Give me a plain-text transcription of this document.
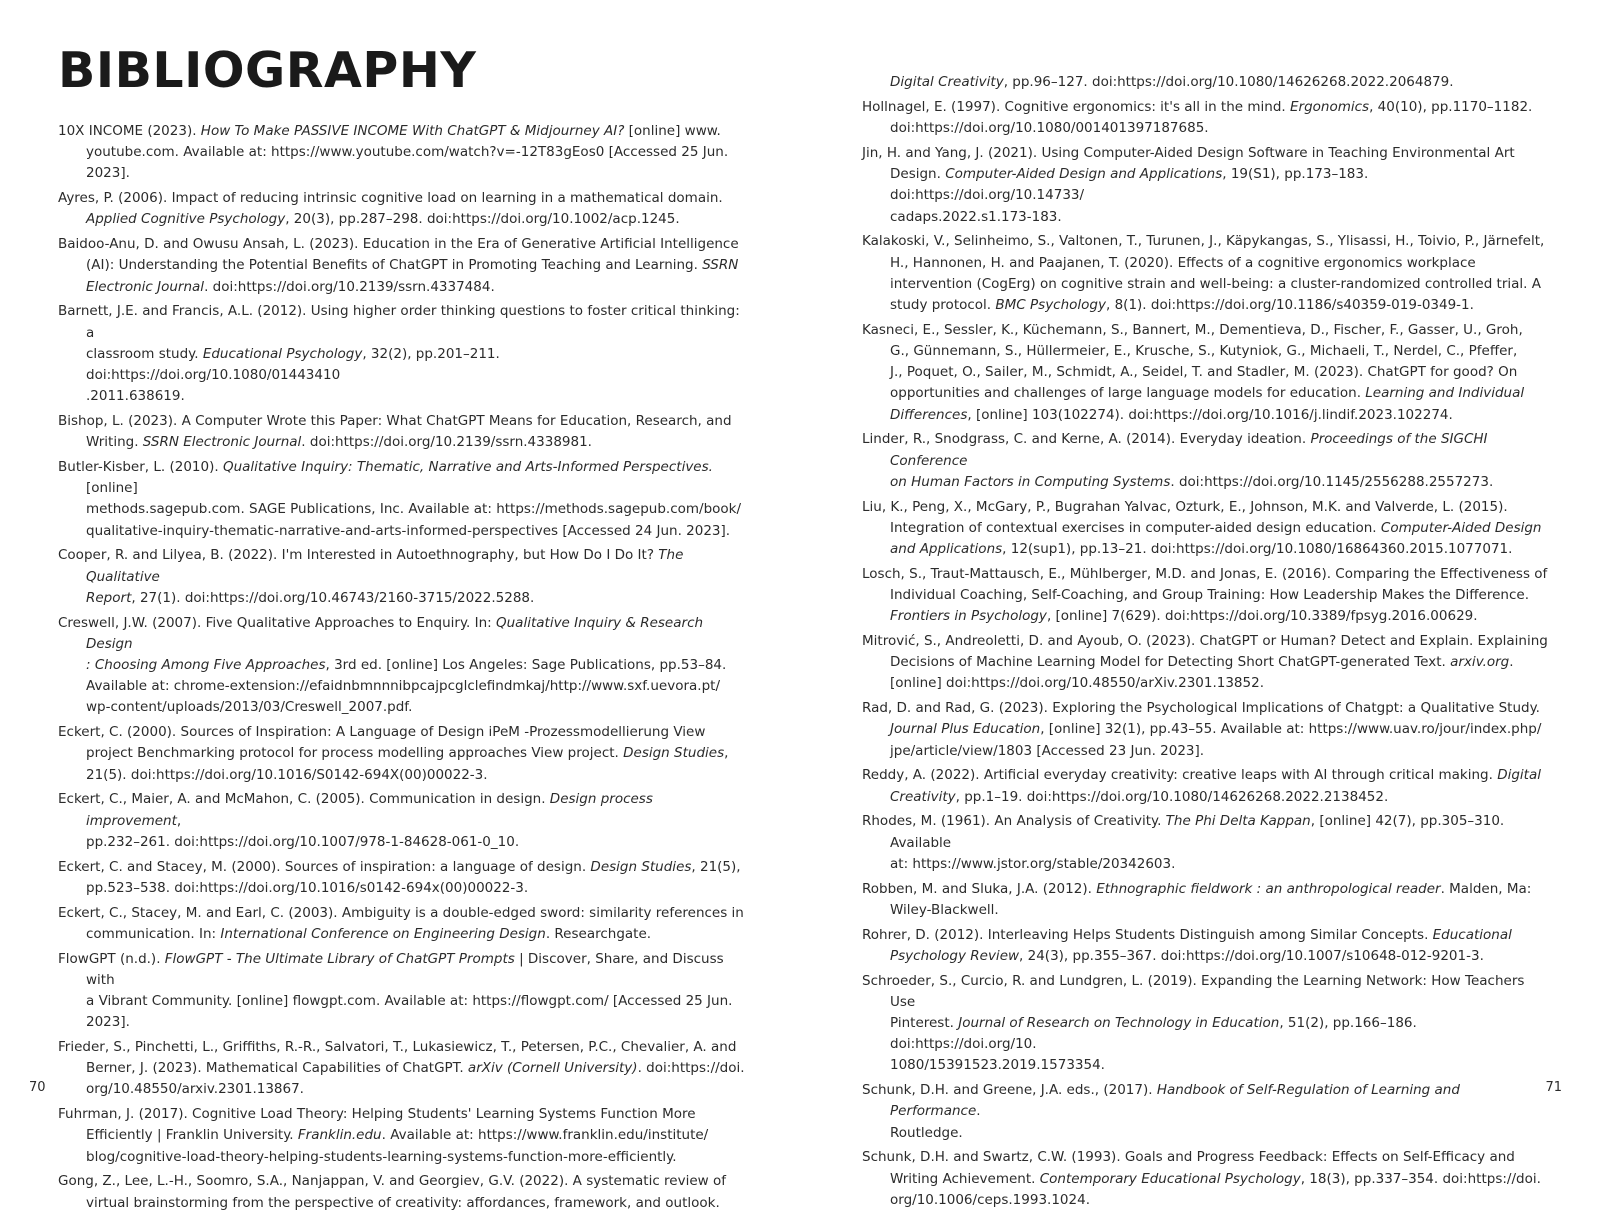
BIBLIOGRAPHY
10X INCOME (2023). How To Make PASSIVE INCOME With ChatGPT & Midjourney AI? [online] www.
youtube.com. Available at: https://www.youtube.com/watch?v=-12T83gEos0 [Accessed 25 Jun.
2023].
Ayres, P. (2006). Impact of reducing intrinsic cognitive load on learning in a mathematical domain.
Applied Cognitive Psychology, 20(3), pp.287–298. doi:https://doi.org/10.1002/acp.1245.
Baidoo-Anu, D. and Owusu Ansah, L. (2023). Education in the Era of Generative Artificial Intelligence
(AI): Understanding the Potential Benefits of ChatGPT in Promoting Teaching and Learning. SSRN
Electronic Journal. doi:https://doi.org/10.2139/ssrn.4337484.
Barnett, J.E. and Francis, A.L. (2012). Using higher order thinking questions to foster critical thinking: a
classroom study. Educational Psychology, 32(2), pp.201–211. doi:https://doi.org/10.1080/01443410
.2011.638619.
Bishop, L. (2023). A Computer Wrote this Paper: What ChatGPT Means for Education, Research, and
Writing. SSRN Electronic Journal. doi:https://doi.org/10.2139/ssrn.4338981.
Butler-Kisber, L. (2010). Qualitative Inquiry: Thematic, Narrative and Arts-Informed Perspectives. [online]
methods.sagepub.com. SAGE Publications, Inc. Available at: https://methods.sagepub.com/book/
qualitative-inquiry-thematic-narrative-and-arts-informed-perspectives [Accessed 24 Jun. 2023].
Cooper, R. and Lilyea, B. (2022). I'm Interested in Autoethnography, but How Do I Do It? The Qualitative
Report, 27(1). doi:https://doi.org/10.46743/2160-3715/2022.5288.
Creswell, J.W. (2007). Five Qualitative Approaches to Enquiry. In: Qualitative Inquiry & Research Design
: Choosing Among Five Approaches, 3rd ed. [online] Los Angeles: Sage Publications, pp.53–84.
Available at: chrome-extension://efaidnbmnnnibpcajpcglclefindmkaj/http://www.sxf.uevora.pt/
wp-content/uploads/2013/03/Creswell_2007.pdf.
Eckert, C. (2000). Sources of Inspiration: A Language of Design iPeM -Prozessmodellierung View
project Benchmarking protocol for process modelling approaches View project. Design Studies,
21(5). doi:https://doi.org/10.1016/S0142-694X(00)00022-3.
Eckert, C., Maier, A. and McMahon, C. (2005). Communication in design. Design process improvement,
pp.232–261. doi:https://doi.org/10.1007/978-1-84628-061-0_10.
Eckert, C. and Stacey, M. (2000). Sources of inspiration: a language of design. Design Studies, 21(5),
pp.523–538. doi:https://doi.org/10.1016/s0142-694x(00)00022-3.
Eckert, C., Stacey, M. and Earl, C. (2003). Ambiguity is a double-edged sword: similarity references in
communication. In: International Conference on Engineering Design. Researchgate.
FlowGPT (n.d.). FlowGPT - The Ultimate Library of ChatGPT Prompts | Discover, Share, and Discuss with
a Vibrant Community. [online] flowgpt.com. Available at: https://flowgpt.com/ [Accessed 25 Jun.
2023].
Frieder, S., Pinchetti, L., Griffiths, R.-R., Salvatori, T., Lukasiewicz, T., Petersen, P.C., Chevalier, A. and
Berner, J. (2023). Mathematical Capabilities of ChatGPT. arXiv (Cornell University). doi:https://doi.
org/10.48550/arxiv.2301.13867.
Fuhrman, J. (2017). Cognitive Load Theory: Helping Students' Learning Systems Function More
Efficiently | Franklin University. Franklin.edu. Available at: https://www.franklin.edu/institute/
blog/cognitive-load-theory-helping-students-learning-systems-function-more-efficiently.
Gong, Z., Lee, L.-H., Soomro, S.A., Nanjappan, V. and Georgiev, G.V. (2022). A systematic review of
virtual brainstorming from the perspective of creativity: affordances, framework, and outlook.
70

Digital Creativity, pp.96–127. doi:https://doi.org/10.1080/14626268.2022.2064879.

Hollnagel, E. (1997). Cognitive ergonomics: it's all in the mind. Ergonomics, 40(10), pp.1170–1182.
doi:https://doi.org/10.1080/001401397187685.
Jin, H. and Yang, J. (2021). Using Computer-Aided Design Software in Teaching Environmental Art
Design. Computer-Aided Design and Applications, 19(S1), pp.173–183. doi:https://doi.org/10.14733/
cadaps.2022.s1.173-183.
Kalakoski, V., Selinheimo, S., Valtonen, T., Turunen, J., Käpykangas, S., Ylisassi, H., Toivio, P., Järnefelt,
H., Hannonen, H. and Paajanen, T. (2020). Effects of a cognitive ergonomics workplace
intervention (CogErg) on cognitive strain and well-being: a cluster-randomized controlled trial. A
study protocol. BMC Psychology, 8(1). doi:https://doi.org/10.1186/s40359-019-0349-1.
Kasneci, E., Sessler, K., Küchemann, S., Bannert, M., Dementieva, D., Fischer, F., Gasser, U., Groh,
G., Günnemann, S., Hüllermeier, E., Krusche, S., Kutyniok, G., Michaeli, T., Nerdel, C., Pfeffer,
J., Poquet, O., Sailer, M., Schmidt, A., Seidel, T. and Stadler, M. (2023). ChatGPT for good? On
opportunities and challenges of large language models for education. Learning and Individual
Differences, [online] 103(102274). doi:https://doi.org/10.1016/j.lindif.2023.102274.
Linder, R., Snodgrass, C. and Kerne, A. (2014). Everyday ideation. Proceedings of the SIGCHI Conference
on Human Factors in Computing Systems. doi:https://doi.org/10.1145/2556288.2557273.
Liu, K., Peng, X., McGary, P., Bugrahan Yalvac, Ozturk, E., Johnson, M.K. and Valverde, L. (2015).
Integration of contextual exercises in computer-aided design education. Computer-Aided Design
and Applications, 12(sup1), pp.13–21. doi:https://doi.org/10.1080/16864360.2015.1077071.
Losch, S., Traut-Mattausch, E., Mühlberger, M.D. and Jonas, E. (2016). Comparing the Effectiveness of
Individual Coaching, Self-Coaching, and Group Training: How Leadership Makes the Difference.
Frontiers in Psychology, [online] 7(629). doi:https://doi.org/10.3389/fpsyg.2016.00629.
Mitrović, S., Andreoletti, D. and Ayoub, O. (2023). ChatGPT or Human? Detect and Explain. Explaining
Decisions of Machine Learning Model for Detecting Short ChatGPT-generated Text. arxiv.org.
[online] doi:https://doi.org/10.48550/arXiv.2301.13852.
Rad, D. and Rad, G. (2023). Exploring the Psychological Implications of Chatgpt: a Qualitative Study.
Journal Plus Education, [online] 32(1), pp.43–55. Available at: https://www.uav.ro/jour/index.php/
jpe/article/view/1803 [Accessed 23 Jun. 2023].
Reddy, A. (2022). Artificial everyday creativity: creative leaps with AI through critical making. Digital
Creativity, pp.1–19. doi:https://doi.org/10.1080/14626268.2022.2138452.
Rhodes, M. (1961). An Analysis of Creativity. The Phi Delta Kappan, [online] 42(7), pp.305–310. Available
at: https://www.jstor.org/stable/20342603.
Robben, M. and Sluka, J.A. (2012). Ethnographic fieldwork : an anthropological reader. Malden, Ma:
Wiley-Blackwell.
Rohrer, D. (2012). Interleaving Helps Students Distinguish among Similar Concepts. Educational
Psychology Review, 24(3), pp.355–367. doi:https://doi.org/10.1007/s10648-012-9201-3.
Schroeder, S., Curcio, R. and Lundgren, L. (2019). Expanding the Learning Network: How Teachers Use
Pinterest. Journal of Research on Technology in Education, 51(2), pp.166–186. doi:https://doi.org/10.
1080/15391523.2019.1573354.
Schunk, D.H. and Greene, J.A. eds., (2017). Handbook of Self-Regulation of Learning and Performance.
Routledge.
Schunk, D.H. and Swartz, C.W. (1993). Goals and Progress Feedback: Effects on Self-Efficacy and
Writing Achievement. Contemporary Educational Psychology, 18(3), pp.337–354. doi:https://doi.
org/10.1006/ceps.1993.1024.
71
